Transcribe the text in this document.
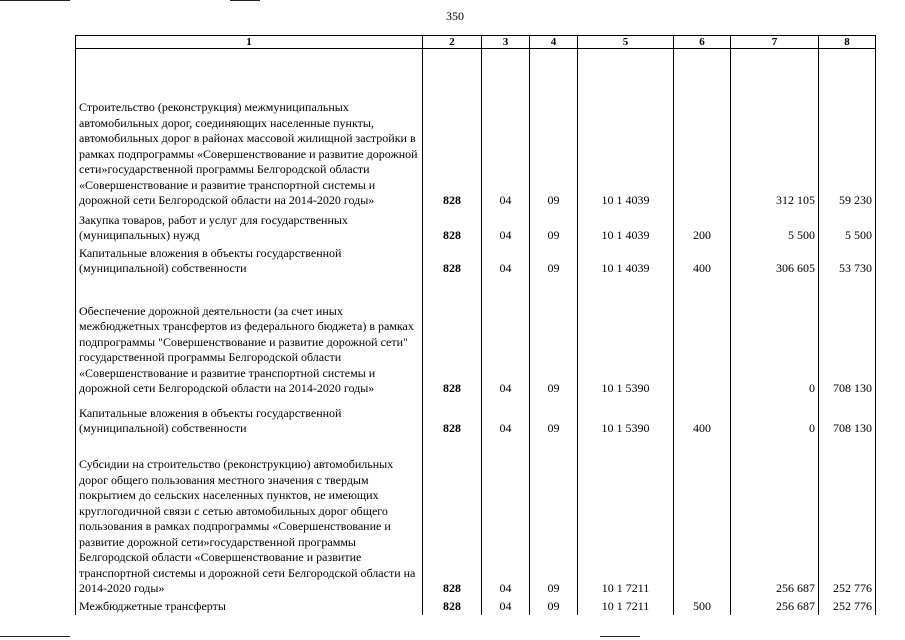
350
1	2	3	4	5	6	7	8
Строительство (реконструкция) межмуниципальных автомобильных дорог, соединяющих населенные пункты, автомобильных дорог в районах массовой жилищной застройки в рамках подпрограммы «Совершенствование и развитие дорожной сети»государственной программы Белгородской области «Совершенствование и развитие транспортной системы и дорожной сети Белгородской области на 2014-2020 годы»	828	04	09	10 1 4039		312 105	59 230
Закупка товаров, работ и услуг для государственных (муниципальных) нужд	828	04	09	10 1 4039	200	5 500	5 500
Капитальные вложения в объекты государственной (муниципальной) собственности	828	04	09	10 1 4039	400	306 605	53 730
Обеспечение дорожной деятельности (за счет иных межбюджетных трансфертов из федерального бюджета) в рамках подпрограммы "Совершенствование и развитие дорожной сети" государственной программы Белгородской области «Совершенствование и развитие транспортной системы и дорожной сети Белгородской области на 2014-2020 годы»	828	04	09	10 1 5390		0	708 130
Капитальные вложения в объекты государственной (муниципальной) собственности	828	04	09	10 1 5390	400	0	708 130
Субсидии на строительство (реконструкцию) автомобильных дорог общего пользования местного значения с твердым покрытием до сельских населенных пунктов, не имеющих круглогодичной связи с сетью автомобильных дорог общего пользования в рамках подпрограммы «Совершенствование и развитие дорожной сети»государственной программы Белгородской области «Совершенствование и развитие транспортной системы и дорожной сети Белгородской области на 2014-2020 годы»	828	04	09	10 1 7211		256 687	252 776
Межбюджетные трансферты	828	04	09	10 1 7211	500	256 687	252 776
